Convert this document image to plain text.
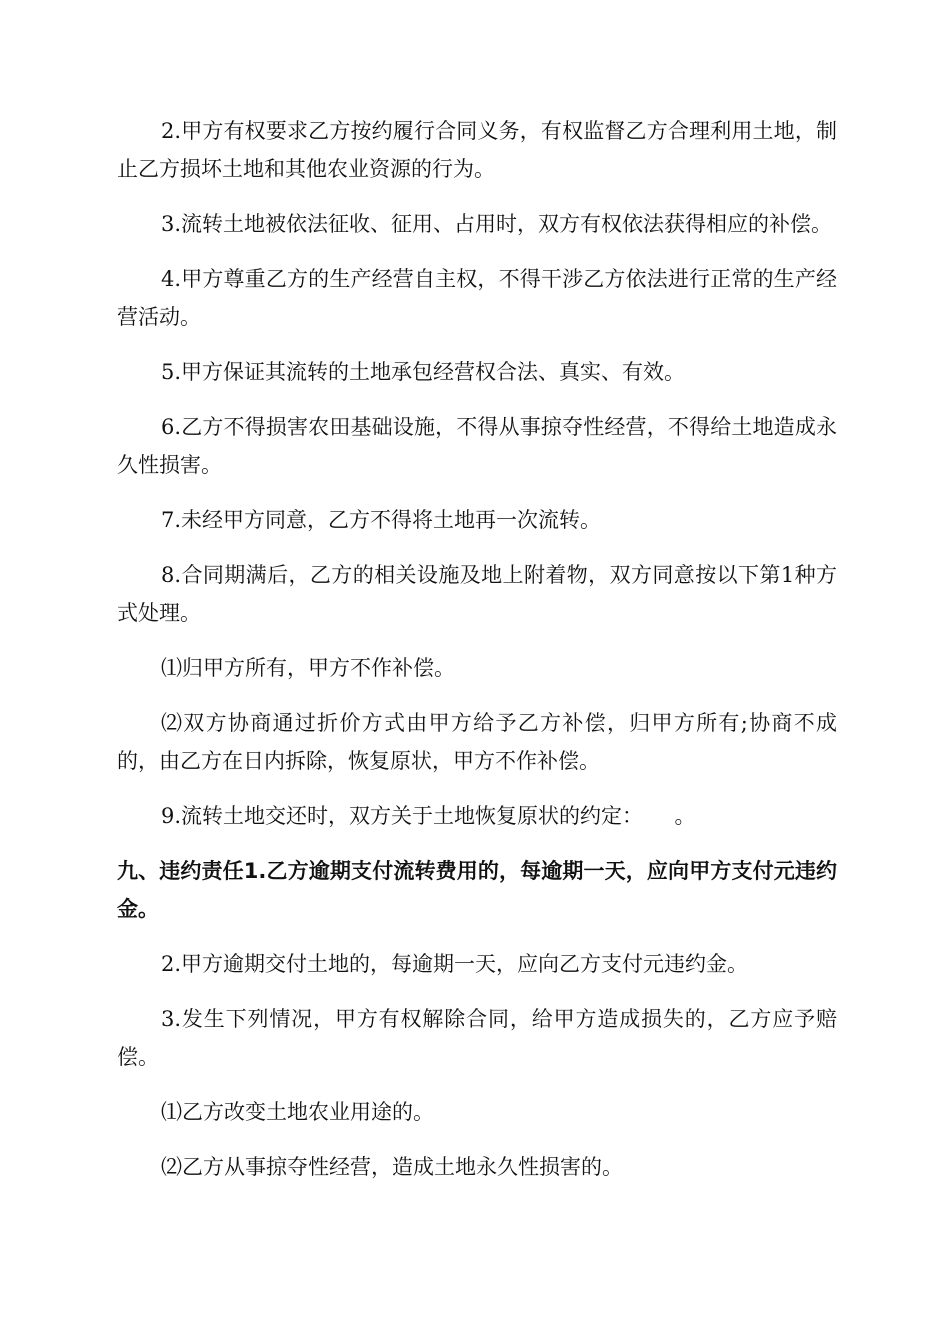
2.甲方有权要求乙方按约履行合同义务，有权监督乙方合理利用土地，制止乙方损坏土地和其他农业资源的行为。

3.流转土地被依法征收、征用、占用时，双方有权依法获得相应的补偿。

4.甲方尊重乙方的生产经营自主权，不得干涉乙方依法进行正常的生产经营活动。

5.甲方保证其流转的土地承包经营权合法、真实、有效。

6.乙方不得损害农田基础设施，不得从事掠夺性经营，不得给土地造成永久性损害。

7.未经甲方同意，乙方不得将土地再一次流转。

8.合同期满后，乙方的相关设施及地上附着物，双方同意按以下第1种方式处理。

⑴归甲方所有，甲方不作补偿。

⑵双方协商通过折价方式由甲方给予乙方补偿，归甲方所有;协商不成的，由乙方在日内拆除，恢复原状，甲方不作补偿。

9.流转土地交还时，双方关于土地恢复原状的约定：　　。

九、违约责任1.乙方逾期支付流转费用的，每逾期一天，应向甲方支付元违约金。

2.甲方逾期交付土地的，每逾期一天，应向乙方支付元违约金。

3.发生下列情况，甲方有权解除合同，给甲方造成损失的，乙方应予赔偿。

⑴乙方改变土地农业用途的。

⑵乙方从事掠夺性经营，造成土地永久性损害的。
